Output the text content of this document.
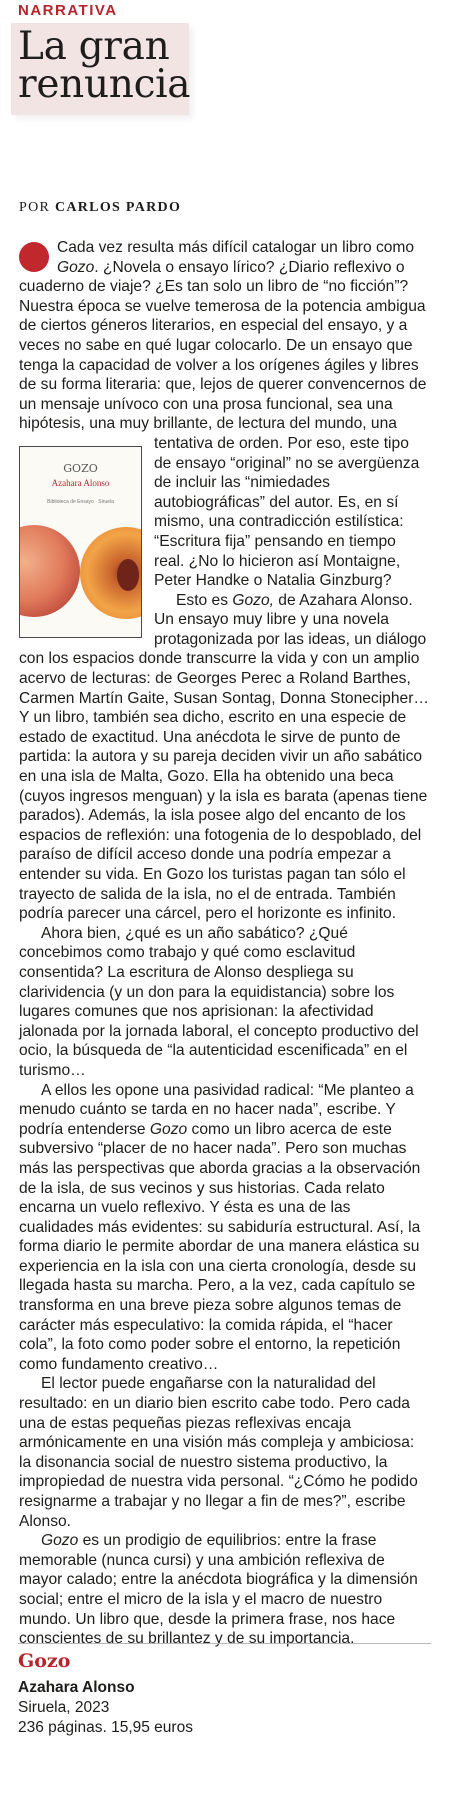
NARRATIVA
La gran renuncia

POR CARLOS PARDO

Cada vez resulta más difícil catalogar un libro como Gozo. ¿Novela o ensayo lírico? ¿Diario reflexivo o cuaderno de viaje? ¿Es tan solo un libro de “no ficción”? Nuestra época se vuelve temerosa de la potencia ambigua de ciertos géneros literarios, en especial del ensayo, y a veces no sabe en qué lugar colocarlo. De un ensayo que tenga la capacidad de volver a los orígenes ágiles y libres de su forma literaria: que, lejos de querer convencernos de un mensaje unívoco con una prosa funcional, sea una hipótesis, una muy brillante, de lectura del mundo, una
GOZO
Azahara Alonso
Biblioteca de Ensayo · Siruela
tentativa de orden. Por eso, este tipo de ensayo “original” no se avergüenza de incluir las “nimiedades autobiográficas” del autor. Es, en sí mismo, una contradicción estilística: “Escritura fija” pensando en tiempo real. ¿No lo hicieron así Montaigne, Peter Handke o Natalia Ginzburg?

Esto es Gozo, de Azahara Alonso. Un ensayo muy libre y una novela protagonizada por las ideas, un diálogo con los espacios donde transcurre la vida y con un amplio acervo de lecturas: de Georges Perec a Roland Barthes, Carmen Martín Gaite, Susan Sontag, Donna Stonecipher… Y un libro, también sea dicho, escrito en una especie de estado de exactitud. Una anécdota le sirve de punto de partida: la autora y su pareja deciden vivir un año sabático en una isla de Malta, Gozo. Ella ha obtenido una beca (cuyos ingresos menguan) y la isla es barata (apenas tiene parados). Además, la isla posee algo del encanto de los espacios de reflexión: una fotogenia de lo despoblado, del paraíso de difícil acceso donde una podría empezar a entender su vida. En Gozo los turistas pagan tan sólo el trayecto de salida de la isla, no el de entrada. También podría parecer una cárcel, pero el horizonte es infinito.

Ahora bien, ¿qué es un año sabático? ¿Qué concebimos como trabajo y qué como esclavitud consentida? La escritura de Alonso despliega su clarividencia (y un don para la equidistancia) sobre los lugares comunes que nos aprisionan: la afectividad jalonada por la jornada laboral, el concepto productivo del ocio, la búsqueda de “la autenticidad escenificada” en el turismo…

A ellos les opone una pasividad radical: “Me planteo a menudo cuánto se tarda en no hacer nada”, escribe. Y podría entenderse Gozo como un libro acerca de este subversivo “placer de no hacer nada”. Pero son muchas más las perspectivas que aborda gracias a la observación de la isla, de sus vecinos y sus historias. Cada relato encarna un vuelo reflexivo. Y ésta es una de las cualidades más evidentes: su sabiduría estructural. Así, la forma diario le permite abordar de una manera elástica su experiencia en la isla con una cierta cronología, desde su llegada hasta su marcha. Pero, a la vez, cada capítulo se transforma en una breve pieza sobre algunos temas de carácter más especulativo: la comida rápida, el “hacer cola”, la foto como poder sobre el entorno, la repetición como fundamento creativo…

El lector puede engañarse con la naturalidad del resultado: en un diario bien escrito cabe todo. Pero cada una de estas pequeñas piezas reflexivas encaja armónicamente en una visión más compleja y ambiciosa: la disonancia social de nuestro sistema productivo, la impropiedad de nuestra vida personal. “¿Cómo he podido resignarme a trabajar y no llegar a fin de mes?”, escribe Alonso.

Gozo es un prodigio de equilibrios: entre la frase memorable (nunca cursi) y una ambición reflexiva de mayor calado; entre la anécdota biográfica y la dimensión social; entre el micro de la isla y el macro de nuestro mundo. Un libro que, desde la primera frase, nos hace conscientes de su brillantez y de su importancia.

Gozo
Azahara Alonso
Siruela, 2023
236 páginas. 15,95 euros
